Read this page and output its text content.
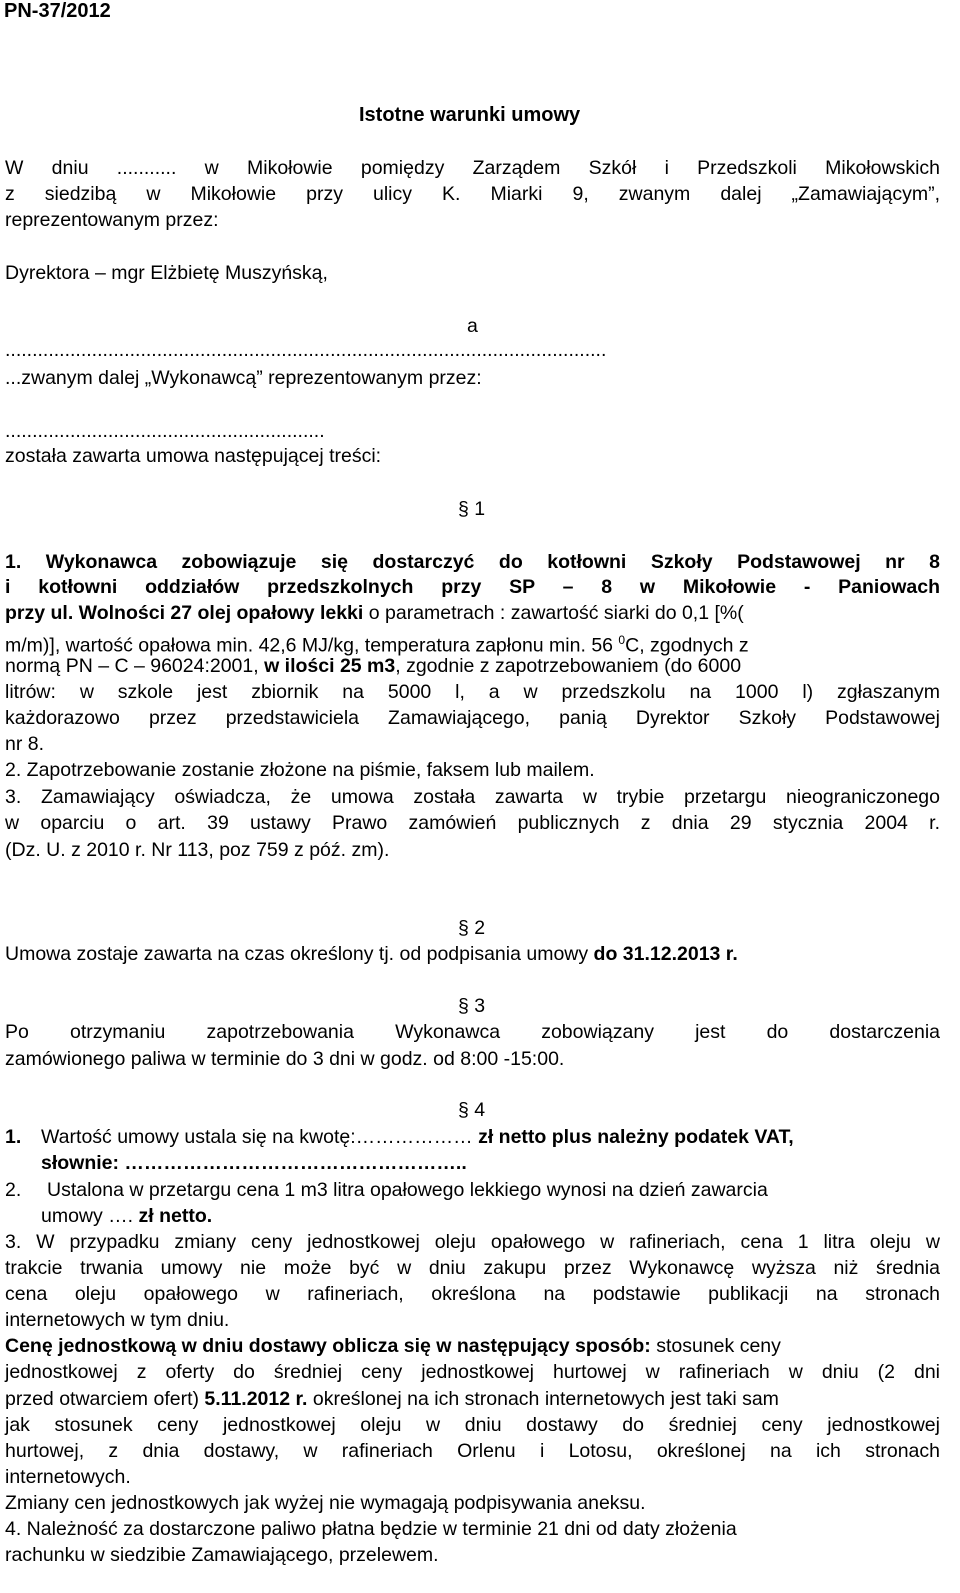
PN-37/2012
Istotne warunki umowy
W dniu ........... w Mikołowie pomiędzy Zarządem Szkół i Przedszkoli Mikołowskich
z siedzibą w Mikołowie przy ulicy K. Miarki 9, zwanym dalej „Zamawiającym”,
reprezentowanym przez:
Dyrektora – mgr Elżbietę Muszyńską,
a
...............................................................................................................
...zwanym dalej „Wykonawcą” reprezentowanym przez:
...........................................................
została zawarta umowa następującej treści:
§ 1
1. Wykonawca zobowiązuje się dostarczyć do kotłowni Szkoły Podstawowej nr 8
i kotłowni oddziałów przedszkolnych przy SP – 8 w Mikołowie - Paniowach
przy ul. Wolności 27 olej opałowy lekki o parametrach : zawartość siarki do 0,1 [%(
m/m)], wartość opałowa min. 42,6 MJ/kg, temperatura zapłonu min. 56 $^0$C, zgodnych z
normą PN – C – 96024:2001, w ilości 25 m3, zgodnie z zapotrzebowaniem (do 6000
litrów: w szkole jest zbiornik na 5000 l, a w przedszkolu na 1000 l) zgłaszanym
każdorazowo przez przedstawiciela Zamawiającego, panią Dyrektor Szkoły Podstawowej
nr 8.
2. Zapotrzebowanie zostanie złożone na piśmie, faksem lub mailem.
3. Zamawiający oświadcza, że umowa została zawarta w trybie przetargu nieograniczonego
w oparciu o art. 39 ustawy Prawo zamówień publicznych z dnia 29 stycznia 2004 r.
(Dz. U. z 2010 r. Nr 113, poz 759 z póź. zm).
§ 2
Umowa zostaje zawarta na czas określony tj. od podpisania umowy do 31.12.2013 r.
§ 3
Po otrzymaniu zapotrzebowania Wykonawca zobowiązany jest do dostarczenia
zamówionego paliwa w terminie do 3 dni w godz. od 8:00 -15:00.
§ 4
1. Wartość umowy ustala się na kwotę:……………… zł netto plus należny podatek VAT,
słownie: ……………………………………………..
2. Ustalona w przetargu cena 1 m3 litra opałowego lekkiego wynosi na dzień zawarcia
umowy …. zł netto.
3. W przypadku zmiany ceny jednostkowej oleju opałowego w rafineriach, cena 1 litra oleju w
trakcie trwania umowy nie może być w dniu zakupu przez Wykonawcę wyższa niż średnia
cena oleju opałowego w rafineriach, określona na podstawie publikacji na stronach
internetowych w tym dniu.
Cenę jednostkową w dniu dostawy oblicza się w następujący sposób: stosunek ceny
jednostkowej z oferty do średniej ceny jednostkowej hurtowej w rafineriach w dniu (2 dni
przed otwarciem ofert) 5.11.2012 r. określonej na ich stronach internetowych jest taki sam
jak stosunek ceny jednostkowej oleju w dniu dostawy do średniej ceny jednostkowej
hurtowej, z dnia dostawy, w rafineriach Orlenu i Lotosu, określonej na ich stronach
internetowych.
Zmiany cen jednostkowych jak wyżej nie wymagają podpisywania aneksu.
4. Należność za dostarczone paliwo płatna będzie w terminie 21 dni od daty złożenia
rachunku w siedzibie Zamawiającego, przelewem.
